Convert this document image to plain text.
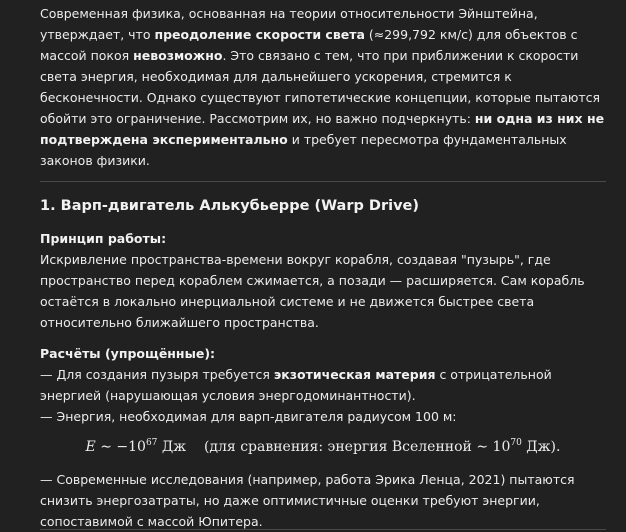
Современная физика, основанная на теории относительности Эйнштейна, утверждает, что преодоление скорости света (≈299,792 км/с) для объектов с массой покоя невозможно. Это связано с тем, что при приближении к скорости света энергия, необходимая для дальнейшего ускорения, стремится к бесконечности. Однако существуют гипотетические концепции, которые пытаются обойти это ограничение. Рассмотрим их, но важно подчеркнуть: ни одна из них не подтверждена экспериментально и требует пересмотра фундаментальных законов физики.

1. Варп-двигатель Алькубьерре (Warp Drive)

Принцип работы:

Искривление пространства-времени вокруг корабля, создавая "пузырь", где пространство перед кораблем сжимается, а позади — расширяется. Сам корабль остаётся в локально инерциальной системе и не движется быстрее света относительно ближайшего пространства.

Расчёты (упрощённые):

— Для создания пузыря требуется экзотическая материя с отрицательной энергией (нарушающая условия энергодоминантности).

— Энергия, необходимая для варп-двигателя радиусом 100 м:

E ∼ $-10^{67}$ Дж (для сравнения: энергия Вселенной ∼ $10^{70}$ Дж).

— Современные исследования (например, работа Эрика Ленца, 2021) пытаются снизить энергозатраты, но даже оптимистичные оценки требуют энергии, сопоставимой с массой Юпитера.
